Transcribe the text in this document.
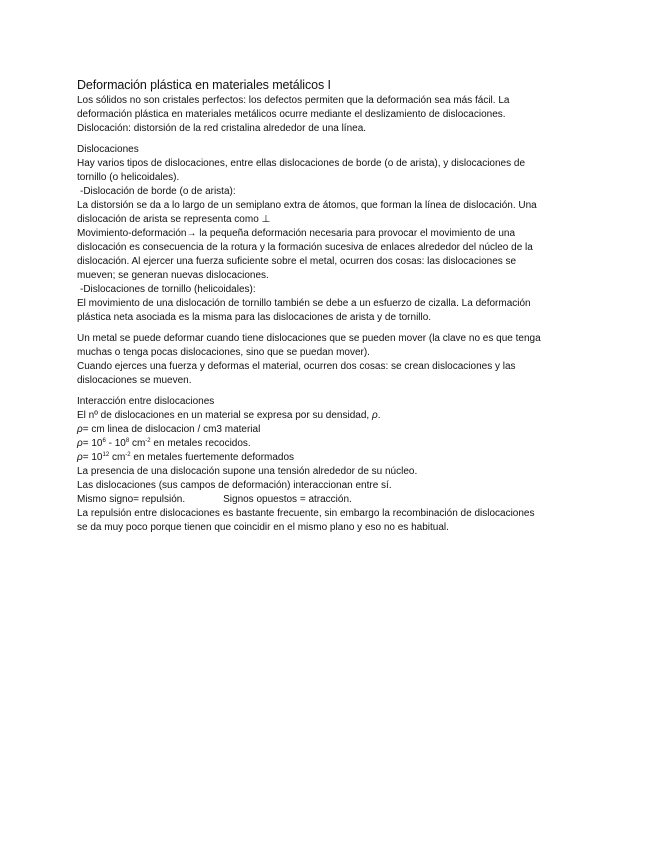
Deformación plástica en materiales metálicos I
Los sólidos no son cristales perfectos: los defectos permiten que la deformación sea más fácil. La
deformación plástica en materiales metálicos ocurre mediante el deslizamiento de dislocaciones.
Dislocación: distorsión de la red cristalina alrededor de una línea.
Dislocaciones
Hay varios tipos de dislocaciones, entre ellas dislocaciones de borde (o de arista), y dislocaciones de
tornillo (o helicoidales).
-Dislocación de borde (o de arista):
La distorsión se da a lo largo de un semiplano extra de átomos, que forman la línea de dislocación. Una
dislocación de arista se representa como ⊥
Movimiento-deformación→ la pequeña deformación necesaria para provocar el movimiento de una
dislocación es consecuencia de la rotura y la formación sucesiva de enlaces alrededor del núcleo de la
dislocación. Al ejercer una fuerza suficiente sobre el metal, ocurren dos cosas: las dislocaciones se
mueven; se generan nuevas dislocaciones.
-Dislocaciones de tornillo (helicoidales):
El movimiento de una dislocación de tornillo también se debe a un esfuerzo de cizalla. La deformación
plástica neta asociada es la misma para las dislocaciones de arista y de tornillo.
Un metal se puede deformar cuando tiene dislocaciones que se pueden mover (la clave no es que tenga
muchas o tenga pocas dislocaciones, sino que se puedan mover).
Cuando ejerces una fuerza y deformas el material, ocurren dos cosas: se crean dislocaciones y las
dislocaciones se mueven.
Interacción entre dislocaciones
El nº de dislocaciones en un material se expresa por su densidad, ρ.
ρ= cm linea de dislocacion / cm3 material
$\rho= 10^6 - 10^8$ $cm^{-2}$ en metales recocidos.
$\rho= 10^{12}$ $cm^{-2}$ en metales fuertemente deformados
La presencia de una dislocación supone una tensión alrededor de su núcleo.
Las dislocaciones (sus campos de deformación) interaccionan entre sí.
Mismo signo= repulsión.	Signos opuestos = atracción.
La repulsión entre dislocaciones es bastante frecuente, sin embargo la recombinación de dislocaciones
se da muy poco porque tienen que coincidir en el mismo plano y eso no es habitual.
